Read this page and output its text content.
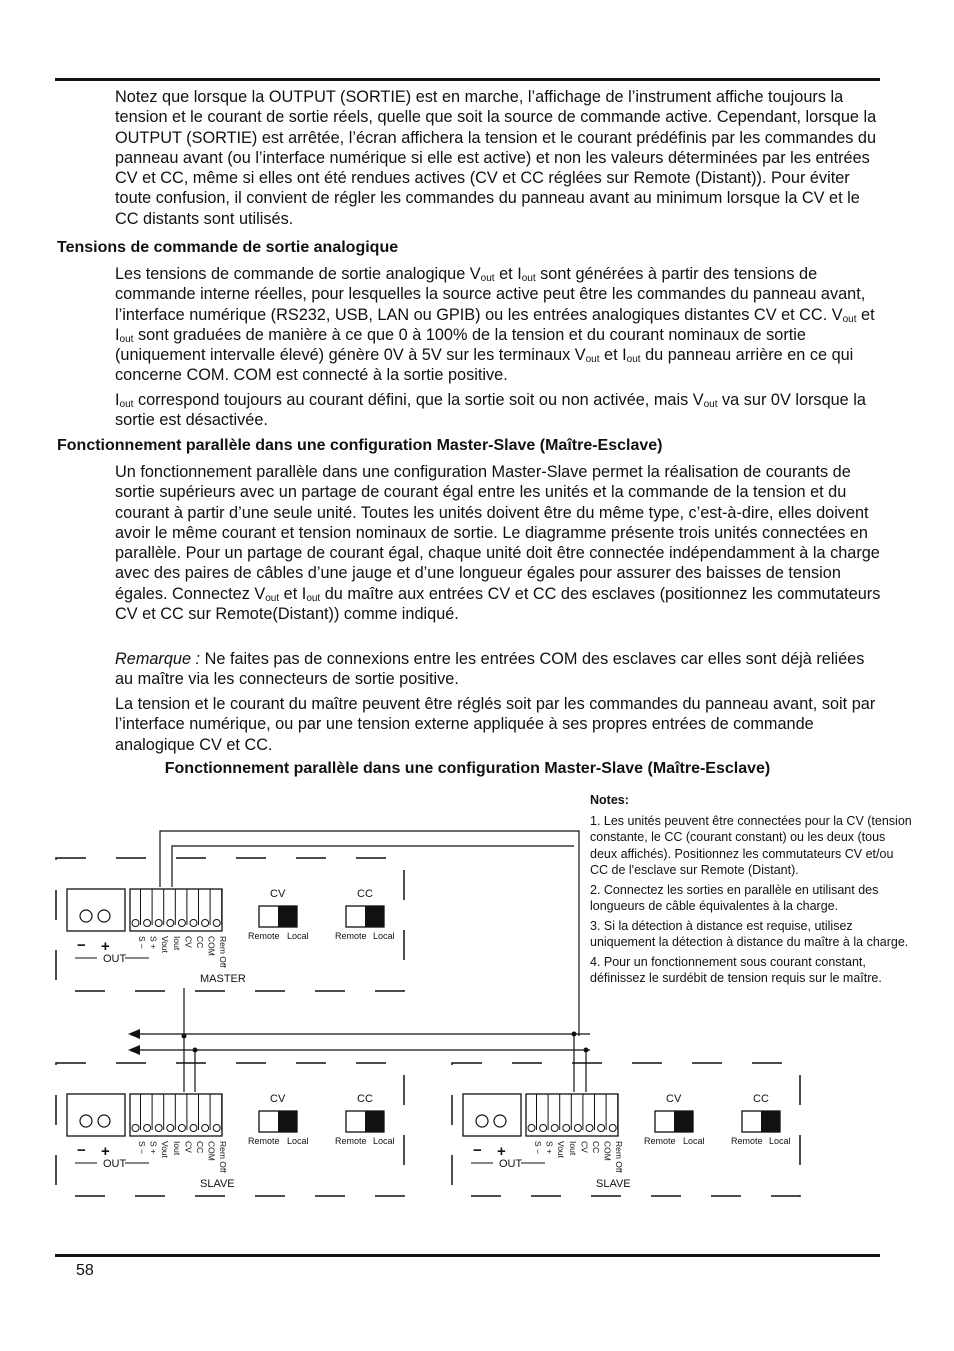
Notez que lorsque la OUTPUT (SORTIE) est en marche, l’affichage de l’instrument affiche toujours la tension et le courant de sortie réels, quelle que soit la source de commande active. Cependant, lorsque la OUTPUT (SORTIE) est arrêtée, l’écran affichera la tension et le courant prédéfinis par les commandes du panneau avant (ou l’interface numérique si elle est active) et non les valeurs déterminées par les entrées CV et CC, même si elles ont été rendues actives (CV et CC réglées sur Remote (Distant)). Pour éviter toute confusion, il convient de régler les commandes du panneau avant au minimum lorsque la CV et le CC distants sont utilisés.

Tensions de commande de sortie analogique

Les tensions de commande de sortie analogique $V_{out}$ et $I_{out}$ sont générées à partir des tensions de commande interne réelles, pour lesquelles la source active peut être les commandes du panneau avant, l’interface numérique (RS232, USB, LAN ou GPIB) ou les entrées analogiques distantes CV et CC. $V_{out}$ et $I_{out}$ sont graduées de manière à ce que 0 à 100% de la tension et du courant nominaux de sortie (uniquement intervalle élevé) génère 0V à 5V sur les terminaux $V_{out}$ et $I_{out}$ du panneau arrière en ce qui concerne COM. COM est connecté à la sortie positive.

$I_{out}$ correspond toujours au courant défini, que la sortie soit ou non activée, mais $V_{out}$ va sur 0V lorsque la sortie est désactivée.

Fonctionnement parallèle dans une configuration Master-Slave (Maître-Esclave)

Un fonctionnement parallèle dans une configuration Master-Slave permet la réalisation de courants de sortie supérieurs avec un partage de courant égal entre les unités et la commande de la tension et du courant à partir d’une seule unité. Toutes les unités doivent être du même type, c’est-à-dire, elles doivent avoir le même courant et tension nominaux de sortie. Le diagramme présente trois unités connectées en parallèle. Pour un partage de courant égal, chaque unité doit être connectée indépendamment à la charge avec des paires de câbles d’une jauge et d’une longueur égales pour assurer des baisses de tension égales. Connectez $V_{out}$ et $I_{out}$ du maître aux entrées CV et CC des esclaves (positionnez les commutateurs CV et CC sur Remote(Distant)) comme indiqué.

Remarque : Ne faites pas de connexions entre les entrées COM des esclaves car elles sont déjà reliées au maître via les connecteurs de sortie positive.

La tension et le courant du maître peuvent être réglés soit par les commandes du panneau avant, soit par l’interface numérique, ou par une tension externe appliquée à ses propres entrées de commande analogique CV et CC.

Fonctionnement parallèle dans une configuration Master-Slave (Maître-Esclave)

− +
OUT
S − S + Vout Iout CV CC COM Rem Off
CV
Remote Local
CC
Remote Local
MASTER
− +
OUT
S − S + Vout Iout CV CC COM Rem Off
CV
Remote Local
CC
Remote Local
SLAVE
− +
OUT
S − S + Vout Iout CV CC COM Rem Off
CV
Remote Local
CC
Remote Local
SLAVE

Notes:

1. Les unités peuvent être connectées pour la CV (tension constante, le CC (courant constant) ou les deux (tous deux affichés). Positionnez les commutateurs CV et/ou CC de l'esclave sur Remote (Distant).

2. Connectez les sorties en parallèle en utilisant des longueurs de câble équivalentes à la charge.

3. Si la détection à distance est requise, utilisez uniquement la détection à distance du maître à la charge.

4. Pour un fonctionnement sous courant constant, définissez le surdébit de tension requis sur le maître.

58
